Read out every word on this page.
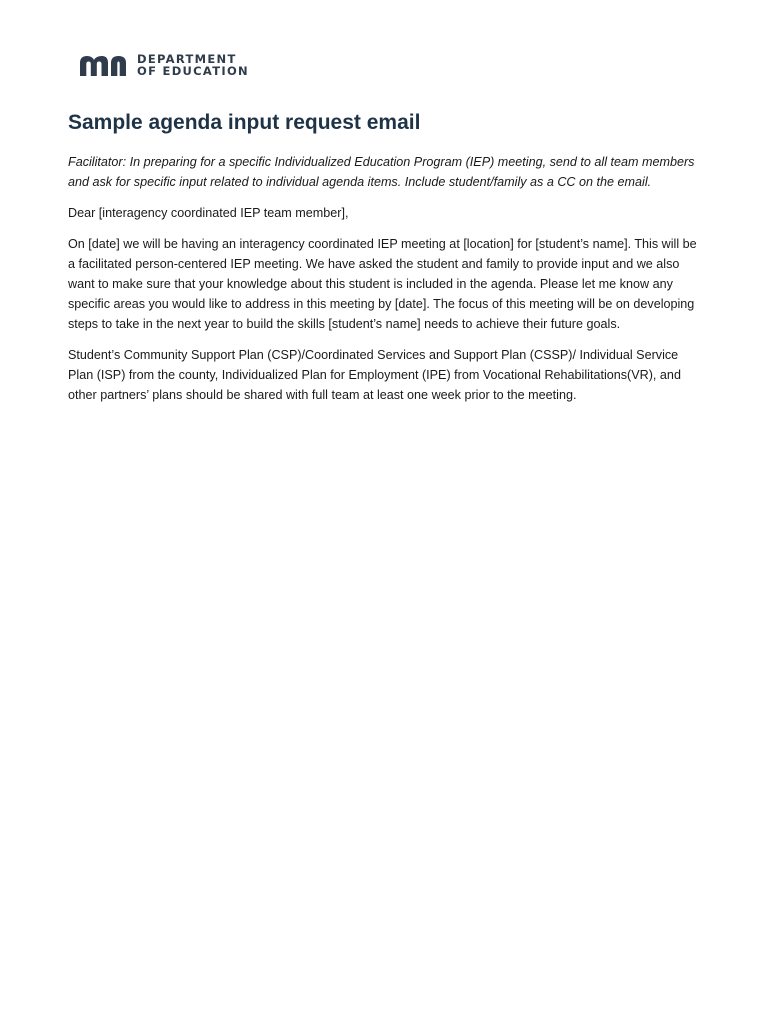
DEPARTMENT
OF EDUCATION
Sample agenda input request email

Facilitator: In preparing for a specific Individualized Education Program (IEP) meeting, send to all team members and ask for specific input related to individual agenda items. Include student/family as a CC on the email.

Dear [interagency coordinated IEP team member],

On [date] we will be having an interagency coordinated IEP meeting at [location] for [student’s name]. This will be a facilitated person-centered IEP meeting. We have asked the student and family to provide input and we also want to make sure that your knowledge about this student is included in the agenda. Please let me know any specific areas you would like to address in this meeting by [date]. The focus of this meeting will be on developing steps to take in the next year to build the skills [student’s name] needs to achieve their future goals.

Student’s Community Support Plan (CSP)/Coordinated Services and Support Plan (CSSP)/ Individual Service Plan (ISP) from the county, Individualized Plan for Employment (IPE) from Vocational Rehabilitations(VR), and other partners’ plans should be shared with full team at least one week prior to the meeting.
